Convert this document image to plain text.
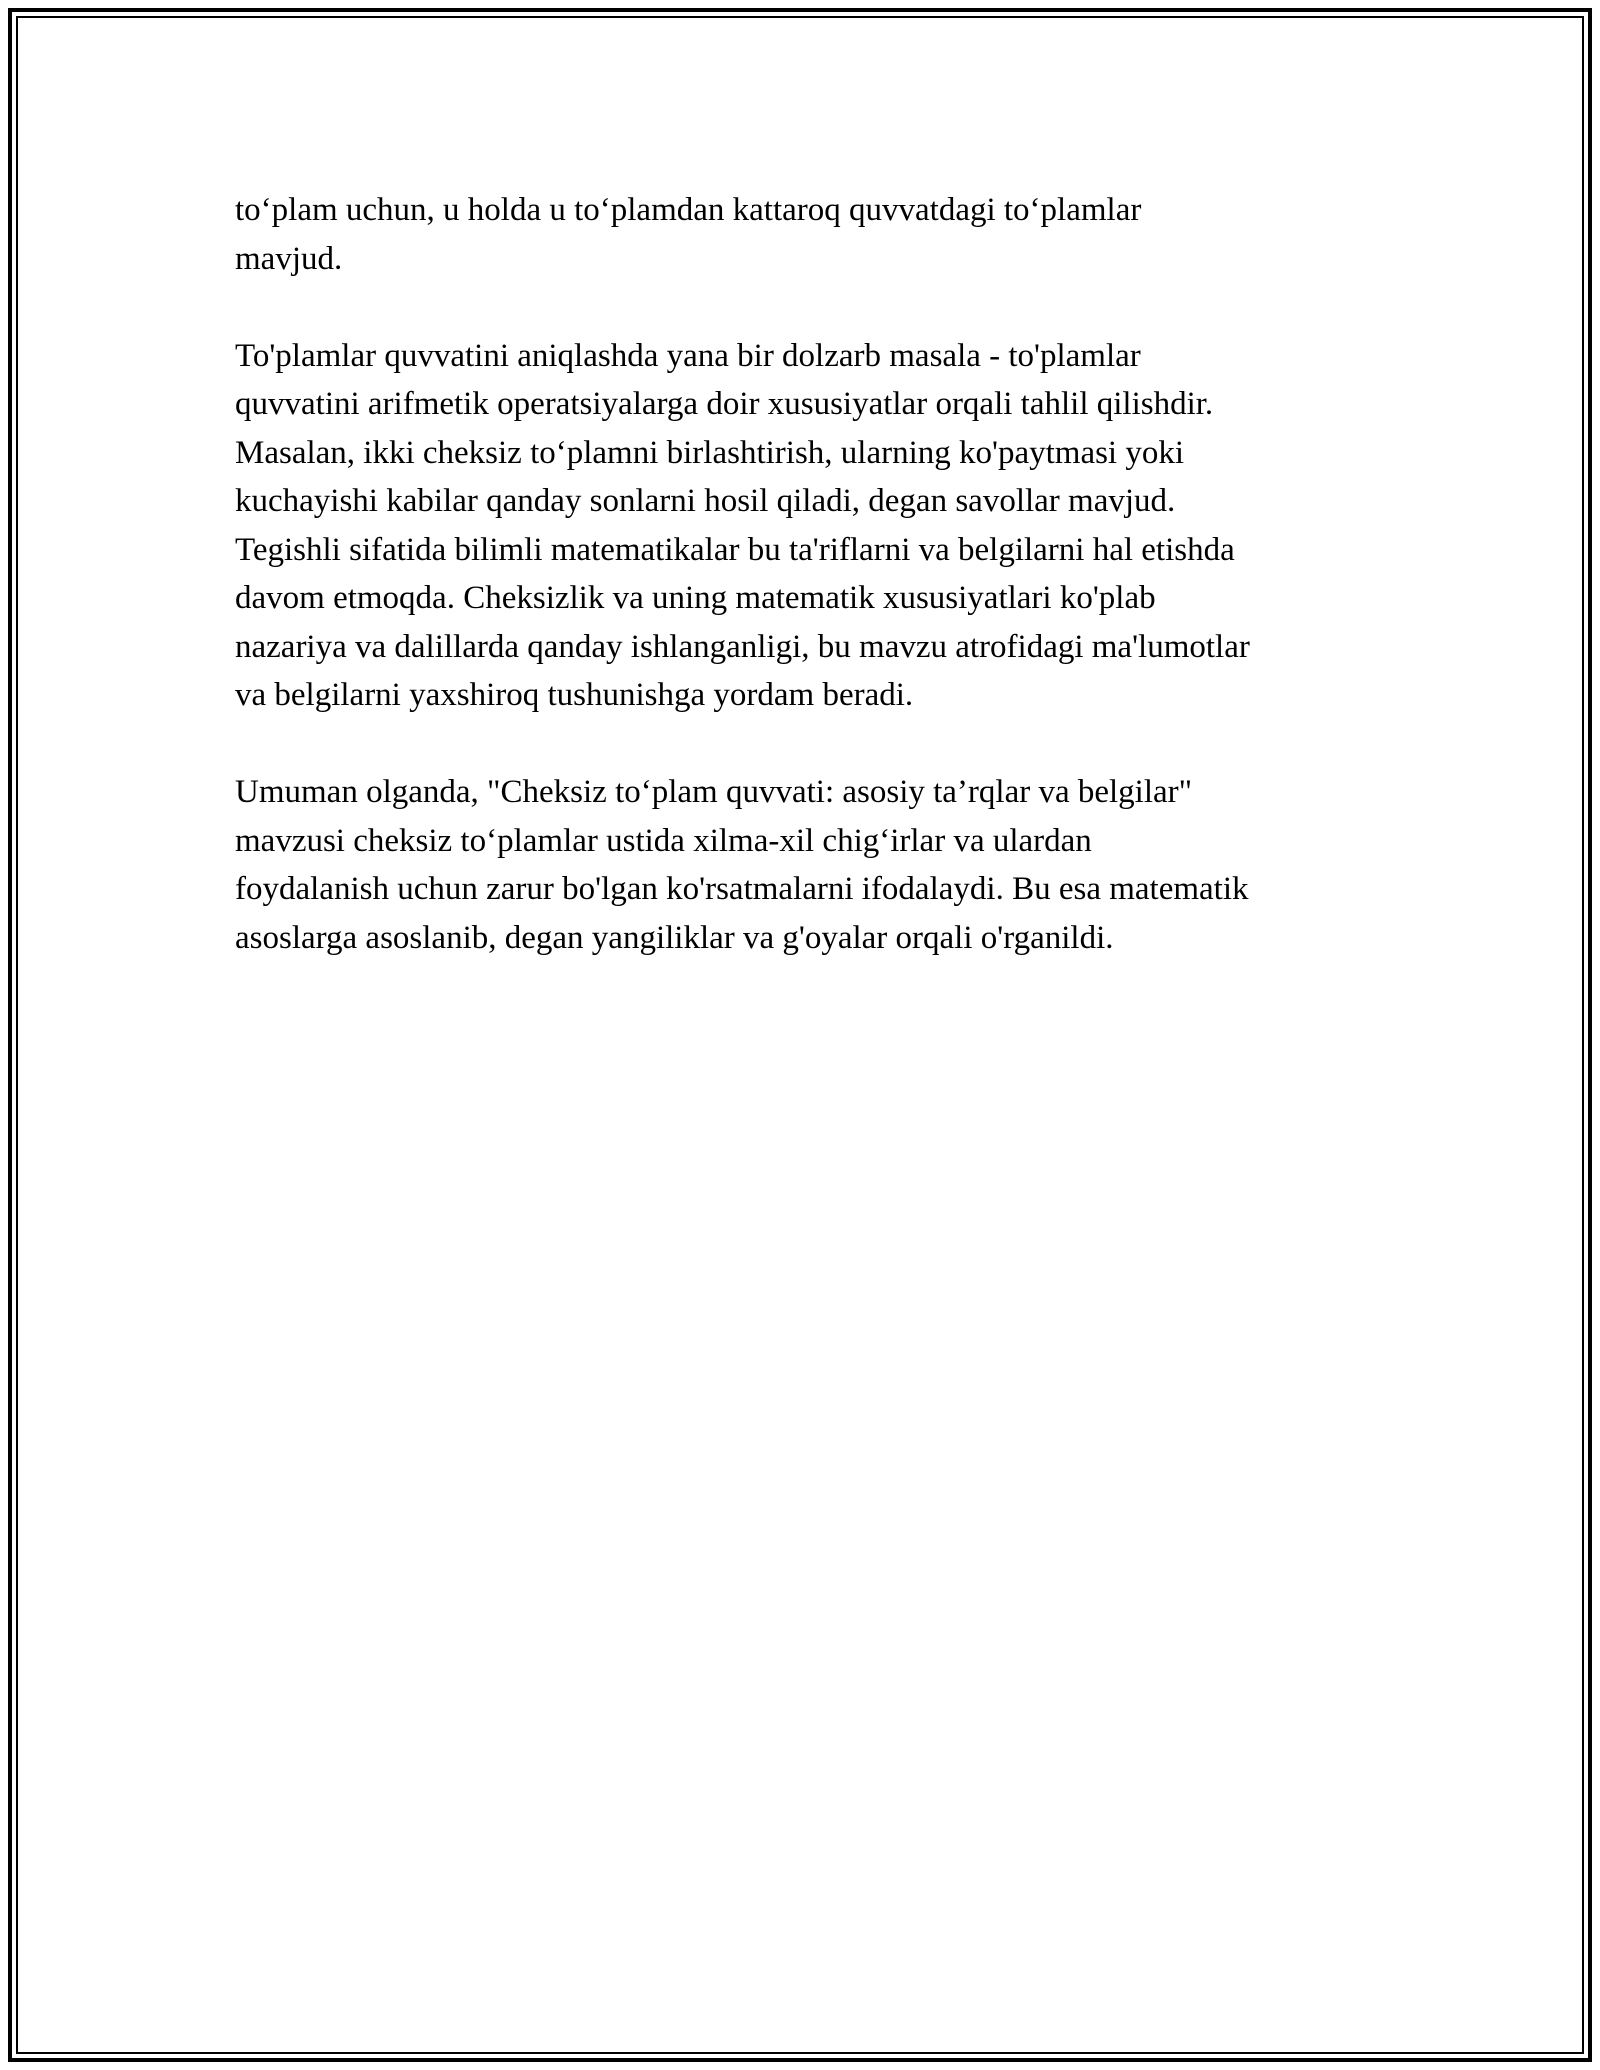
to‘plam uchun, u holda u to‘plamdan kattaroq quvvatdagi to‘plamlar
mavjud.

To'plamlar quvvatini aniqlashda yana bir dolzarb masala - to'plamlar
quvvatini arifmetik operatsiyalarga doir xususiyatlar orqali tahlil qilishdir.
Masalan, ikki cheksiz to‘plamni birlashtirish, ularning ko'paytmasi yoki
kuchayishi kabilar qanday sonlarni hosil qiladi, degan savollar mavjud.
Tegishli sifatida bilimli matematikalar bu ta'riflarni va belgilarni hal etishda
davom etmoqda. Cheksizlik va uning matematik xususiyatlari ko'plab
nazariya va dalillarda qanday ishlanganligi, bu mavzu atrofidagi ma'lumotlar
va belgilarni yaxshiroq tushunishga yordam beradi.

Umuman olganda, "Cheksiz to‘plam quvvati: asosiy ta’rqlar va belgilar"
mavzusi cheksiz to‘plamlar ustida xilma-xil chig‘irlar va ulardan
foydalanish uchun zarur bo'lgan ko'rsatmalarni ifodalaydi. Bu esa matematik
asoslarga asoslanib, degan yangiliklar va g'oyalar orqali o'rganildi.
